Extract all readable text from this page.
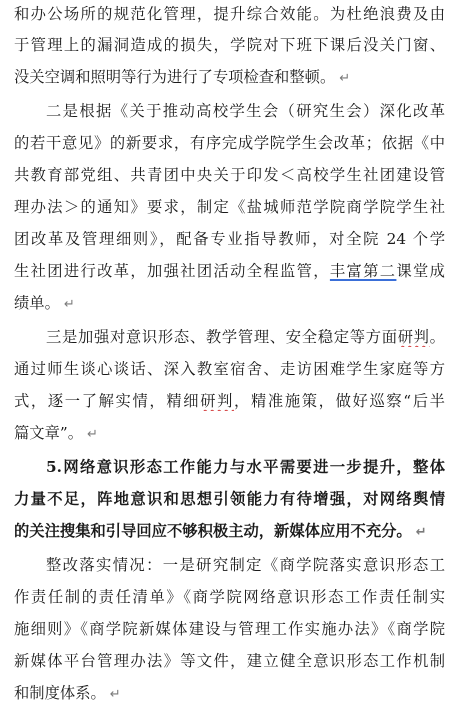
和办公场所的规范化管理，提升综合效能。为杜绝浪费及由
于管理上的漏洞造成的损失，学院对下班下课后没关门窗、
没关空调和照明等行为进行了专项检查和整顿。 ↵
二是根据《关于推动高校学生会（研究生会）深化改革
的若干意见》的新要求，有序完成学院学生会改革；依据《中
共教育部党组、共青团中央关于印发＜高校学生社团建设管
理办法＞的通知》要求，制定《盐城师范学院商学院学生社
团改革及管理细则》，配备专业指导教师，对全院 24 个学
生社团进行改革，加强社团活动全程监管，丰富第二课堂成
绩单。 ↵
三是加强对意识形态、教学管理、安全稳定等方面研判。
通过师生谈心谈话、深入教室宿舍、走访困难学生家庭等方
式，逐一了解实情，精细研判，精准施策，做好巡察“后半
篇文章”。 ↵
5.网络意识形态工作能力与水平需要进一步提升，整体
力量不足，阵地意识和思想引领能力有待增强，对网络舆情
的关注搜集和引导回应不够积极主动，新媒体应用不充分。 ↵
整改落实情况：一是研究制定《商学院落实意识形态工
作责任制的责任清单》《商学院网络意识形态工作责任制实
施细则》《商学院新媒体建设与管理工作实施办法》《商学院
新媒体平台管理办法》等文件，建立健全意识形态工作机制
和制度体系。 ↵
